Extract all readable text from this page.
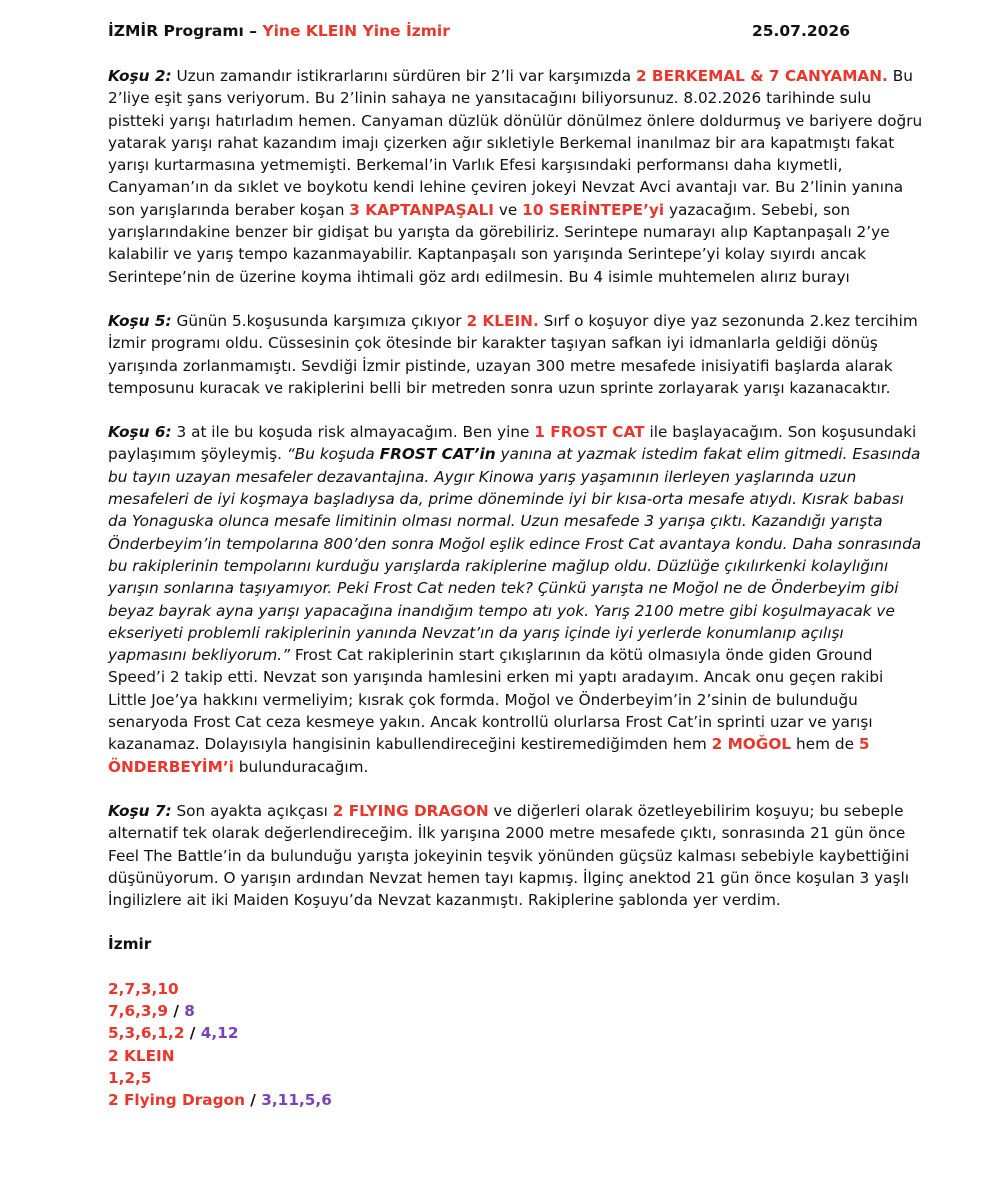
İZMİR Programı – Yine KLEIN Yine İzmir	25.07.2026

Koşu 2: Uzun zamandır istikrarlarını sürdüren bir 2’li var karşımızda 2 BERKEMAL & 7 CANYAMAN. Bu 2’liye eşit şans veriyorum. Bu 2’linin sahaya ne yansıtacağını biliyorsunuz. 8.02.2026 tarihinde sulu pistteki yarışı hatırladım hemen. Canyaman düzlük dönülür dönülmez önlere doldurmuş ve bariyere doğru yatarak yarışı rahat kazandım imajı çizerken ağır sıkletiyle Berkemal inanılmaz bir ara kapatmıştı fakat yarışı kurtarmasına yetmemişti. Berkemal’in Varlık Efesi karşısındaki performansı daha kıymetli, Canyaman’ın da sıklet ve boykotu kendi lehine çeviren jokeyi Nevzat Avci avantajı var. Bu 2’linin yanına son yarışlarında beraber koşan 3 KAPTANPAŞALI ve 10 SERİNTEPE’yi yazacağım. Sebebi, son yarışlarındakine benzer bir gidişat bu yarışta da görebiliriz. Serintepe numarayı alıp Kaptanpaşalı 2’ye kalabilir ve yarış tempo kazanmayabilir. Kaptanpaşalı son yarışında Serintepe’yi kolay sıyırdı ancak Serintepe’nin de üzerine koyma ihtimali göz ardı edilmesin. Bu 4 isimle muhtemelen alırız burayı

Koşu 5: Günün 5.koşusunda karşımıza çıkıyor 2 KLEIN. Sırf o koşuyor diye yaz sezonunda 2.kez tercihim İzmir programı oldu. Cüssesinin çok ötesinde bir karakter taşıyan safkan iyi idmanlarla geldiği dönüş yarışında zorlanmamıştı. Sevdiği İzmir pistinde, uzayan 300 metre mesafede inisiyatifi başlarda alarak temposunu kuracak ve rakiplerini belli bir metreden sonra uzun sprinte zorlayarak yarışı kazanacaktır.

Koşu 6: 3 at ile bu koşuda risk almayacağım. Ben yine 1 FROST CAT ile başlayacağım. Son koşusundaki paylaşımım şöyleymiş. “Bu koşuda FROST CAT’in yanına at yazmak istedim fakat elim gitmedi. Esasında bu tayın uzayan mesafeler dezavantajına. Aygır Kinowa yarış yaşamının ilerleyen yaşlarında uzun mesafeleri de iyi koşmaya başladıysa da, prime döneminde iyi bir kısa-orta mesafe atıydı. Kısrak babası da Yonaguska olunca mesafe limitinin olması normal. Uzun mesafede 3 yarışa çıktı. Kazandığı yarışta Önderbeyim’in tempolarına 800’den sonra Moğol eşlik edince Frost Cat avantaya kondu. Daha sonrasında bu rakiplerinin tempolarını kurduğu yarışlarda rakiplerine mağlup oldu. Düzlüğe çıkılırkenki kolaylığını yarışın sonlarına taşıyamıyor. Peki Frost Cat neden tek? Çünkü yarışta ne Moğol ne de Önderbeyim gibi beyaz bayrak ayna yarışı yapacağına inandığım tempo atı yok. Yarış 2100 metre gibi koşulmayacak ve ekseriyeti problemli rakiplerinin yanında Nevzat’ın da yarış içinde iyi yerlerde konumlanıp açılışı yapmasını bekliyorum.” Frost Cat rakiplerinin start çıkışlarının da kötü olmasıyla önde giden Ground Speed’i 2 takip etti. Nevzat son yarışında hamlesini erken mi yaptı aradayım. Ancak onu geçen rakibi Little Joe’ya hakkını vermeliyim; kısrak çok formda. Moğol ve Önderbeyim’in 2’sinin de bulunduğu senaryoda Frost Cat ceza kesmeye yakın. Ancak kontrollü olurlarsa Frost Cat’in sprinti uzar ve yarışı kazanamaz. Dolayısıyla hangisinin kabullendireceğini kestiremediğimden hem 2 MOĞOL hem de 5 ÖNDERBEYİM’i bulunduracağım.

Koşu 7: Son ayakta açıkçası 2 FLYING DRAGON ve diğerleri olarak özetleyebilirim koşuyu; bu sebeple alternatif tek olarak değerlendireceğim. İlk yarışına 2000 metre mesafede çıktı, sonrasında 21 gün önce Feel The Battle’in da bulunduğu yarışta jokeyinin teşvik yönünden güçsüz kalması sebebiyle kaybettiğini düşünüyorum. O yarışın ardından Nevzat hemen tayı kapmış. İlginç anektod 21 gün önce koşulan 3 yaşlı İngilizlere ait iki Maiden Koşuyu’da Nevzat kazanmıştı. Rakiplerine şablonda yer verdim.

İzmir
2,7,3,10
7,6,3,9 / 8
5,3,6,1,2 / 4,12
2 KLEIN
1,2,5
2 Flying Dragon / 3,11,5,6
